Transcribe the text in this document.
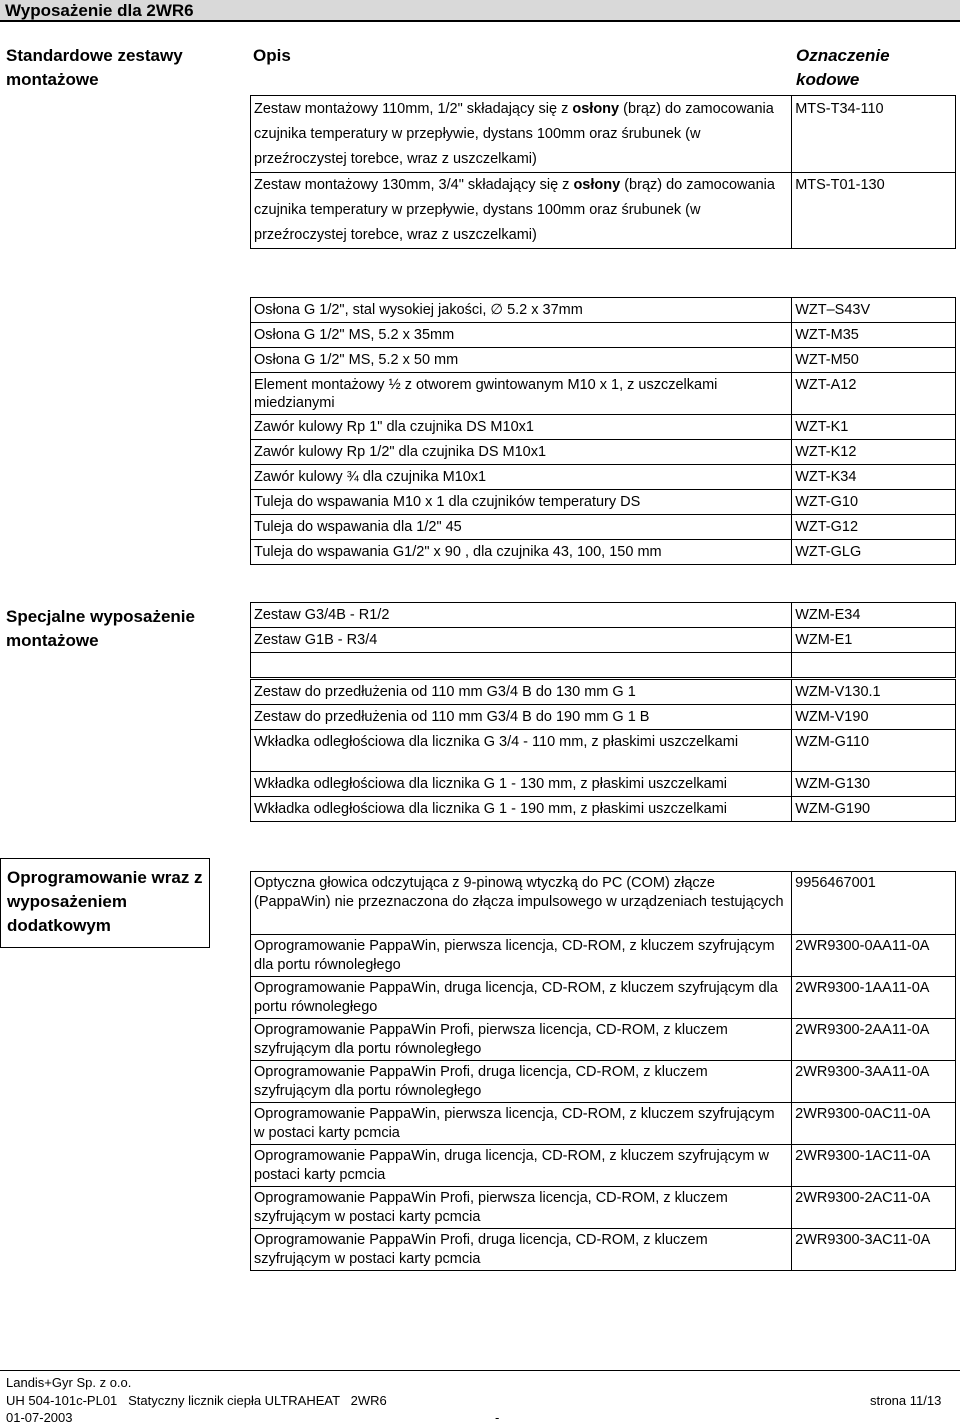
Wyposażenie dla 2WR6
Standardowe zestawy montażowe
Opis	Oznaczenie kodowe
Zestaw montażowy 110mm, 1/2" składający się z osłony (brąz) do zamocowania czujnika temperatury w przepływie, dystans 100mm oraz śrubunek (w przeźroczystej torebce, wraz z uszczelkami)	MTS-T34-110
Zestaw montażowy 130mm, 3/4" składający się z osłony (brąz) do zamocowania czujnika temperatury w przepływie, dystans 100mm oraz śrubunek (w przeźroczystej torebce, wraz z uszczelkami)	MTS-T01-130
Osłona G 1/2", stal wysokiej jakości, ∅ 5.2 x 37mm	WZT–S43V
Osłona G 1/2" MS, 5.2 x 35mm	WZT-M35
Osłona G 1/2" MS, 5.2 x 50 mm	WZT-M50
Element montażowy ½ z otworem gwintowanym M10 x 1, z uszczelkami miedzianymi	WZT-A12
Zawór kulowy Rp 1" dla czujnika DS M10x1	WZT-K1
Zawór kulowy Rp 1/2" dla czujnika DS M10x1	WZT-K12
Zawór kulowy ¾ dla czujnika M10x1	WZT-K34
Tuleja do wspawania M10 x 1 dla czujników temperatury DS	WZT-G10
Tuleja do wspawania dla 1/2" 45	WZT-G12
Tuleja do wspawania G1/2" x 90 , dla czujnika 43, 100, 150 mm	WZT-GLG
Specjalne wyposażenie montażowe
Zestaw G3/4B - R1/2	WZM-E34
Zestaw G1B - R3/4	WZM-E1

Zestaw do przedłużenia od 110 mm G3/4 B do 130 mm G 1	WZM-V130.1
Zestaw do przedłużenia od 110 mm G3/4 B do 190 mm G 1 B	WZM-V190
Wkładka odległościowa dla licznika G 3/4 - 110 mm, z płaskimi uszczelkami	WZM-G110
Wkładka odległościowa dla licznika G 1 - 130 mm, z płaskimi uszczelkami	WZM-G130
Wkładka odległościowa dla licznika G 1 - 190 mm, z płaskimi uszczelkami	WZM-G190
Oprogramowanie wraz z wyposażeniem dodatkowym
Optyczna głowica odczytująca z 9-pinową wtyczką do PC (COM) złącze (PappaWin) nie przeznaczona do złącza impulsowego w urządzeniach testujących	9956467001
Oprogramowanie PappaWin, pierwsza licencja, CD-ROM, z kluczem szyfrującym dla portu równoległego	2WR9300-0AA11-0A
Oprogramowanie PappaWin, druga licencja, CD-ROM, z kluczem szyfrującym dla portu równoległego	2WR9300-1AA11-0A
Oprogramowanie PappaWin Profi, pierwsza licencja, CD-ROM, z kluczem szyfrującym dla portu równoległego	2WR9300-2AA11-0A
Oprogramowanie PappaWin Profi, druga licencja, CD-ROM, z kluczem szyfrującym dla portu równoległego	2WR9300-3AA11-0A
Oprogramowanie PappaWin, pierwsza licencja, CD-ROM, z kluczem szyfrującym w postaci karty pcmcia	2WR9300-0AC11-0A
Oprogramowanie PappaWin, druga licencja, CD-ROM, z kluczem szyfrującym w postaci karty pcmcia	2WR9300-1AC11-0A
Oprogramowanie PappaWin Profi, pierwsza licencja, CD-ROM, z kluczem szyfrującym w postaci karty pcmcia	2WR9300-2AC11-0A
Oprogramowanie PappaWin Profi, druga licencja, CD-ROM, z kluczem szyfrującym w postaci karty pcmcia	2WR9300-3AC11-0A
Landis+Gyr Sp. z o.o.
UH 504-101c-PL01   Statyczny licznik ciepła ULTRAHEAT   2WR6	strona 11/13
01-07-2003	-
